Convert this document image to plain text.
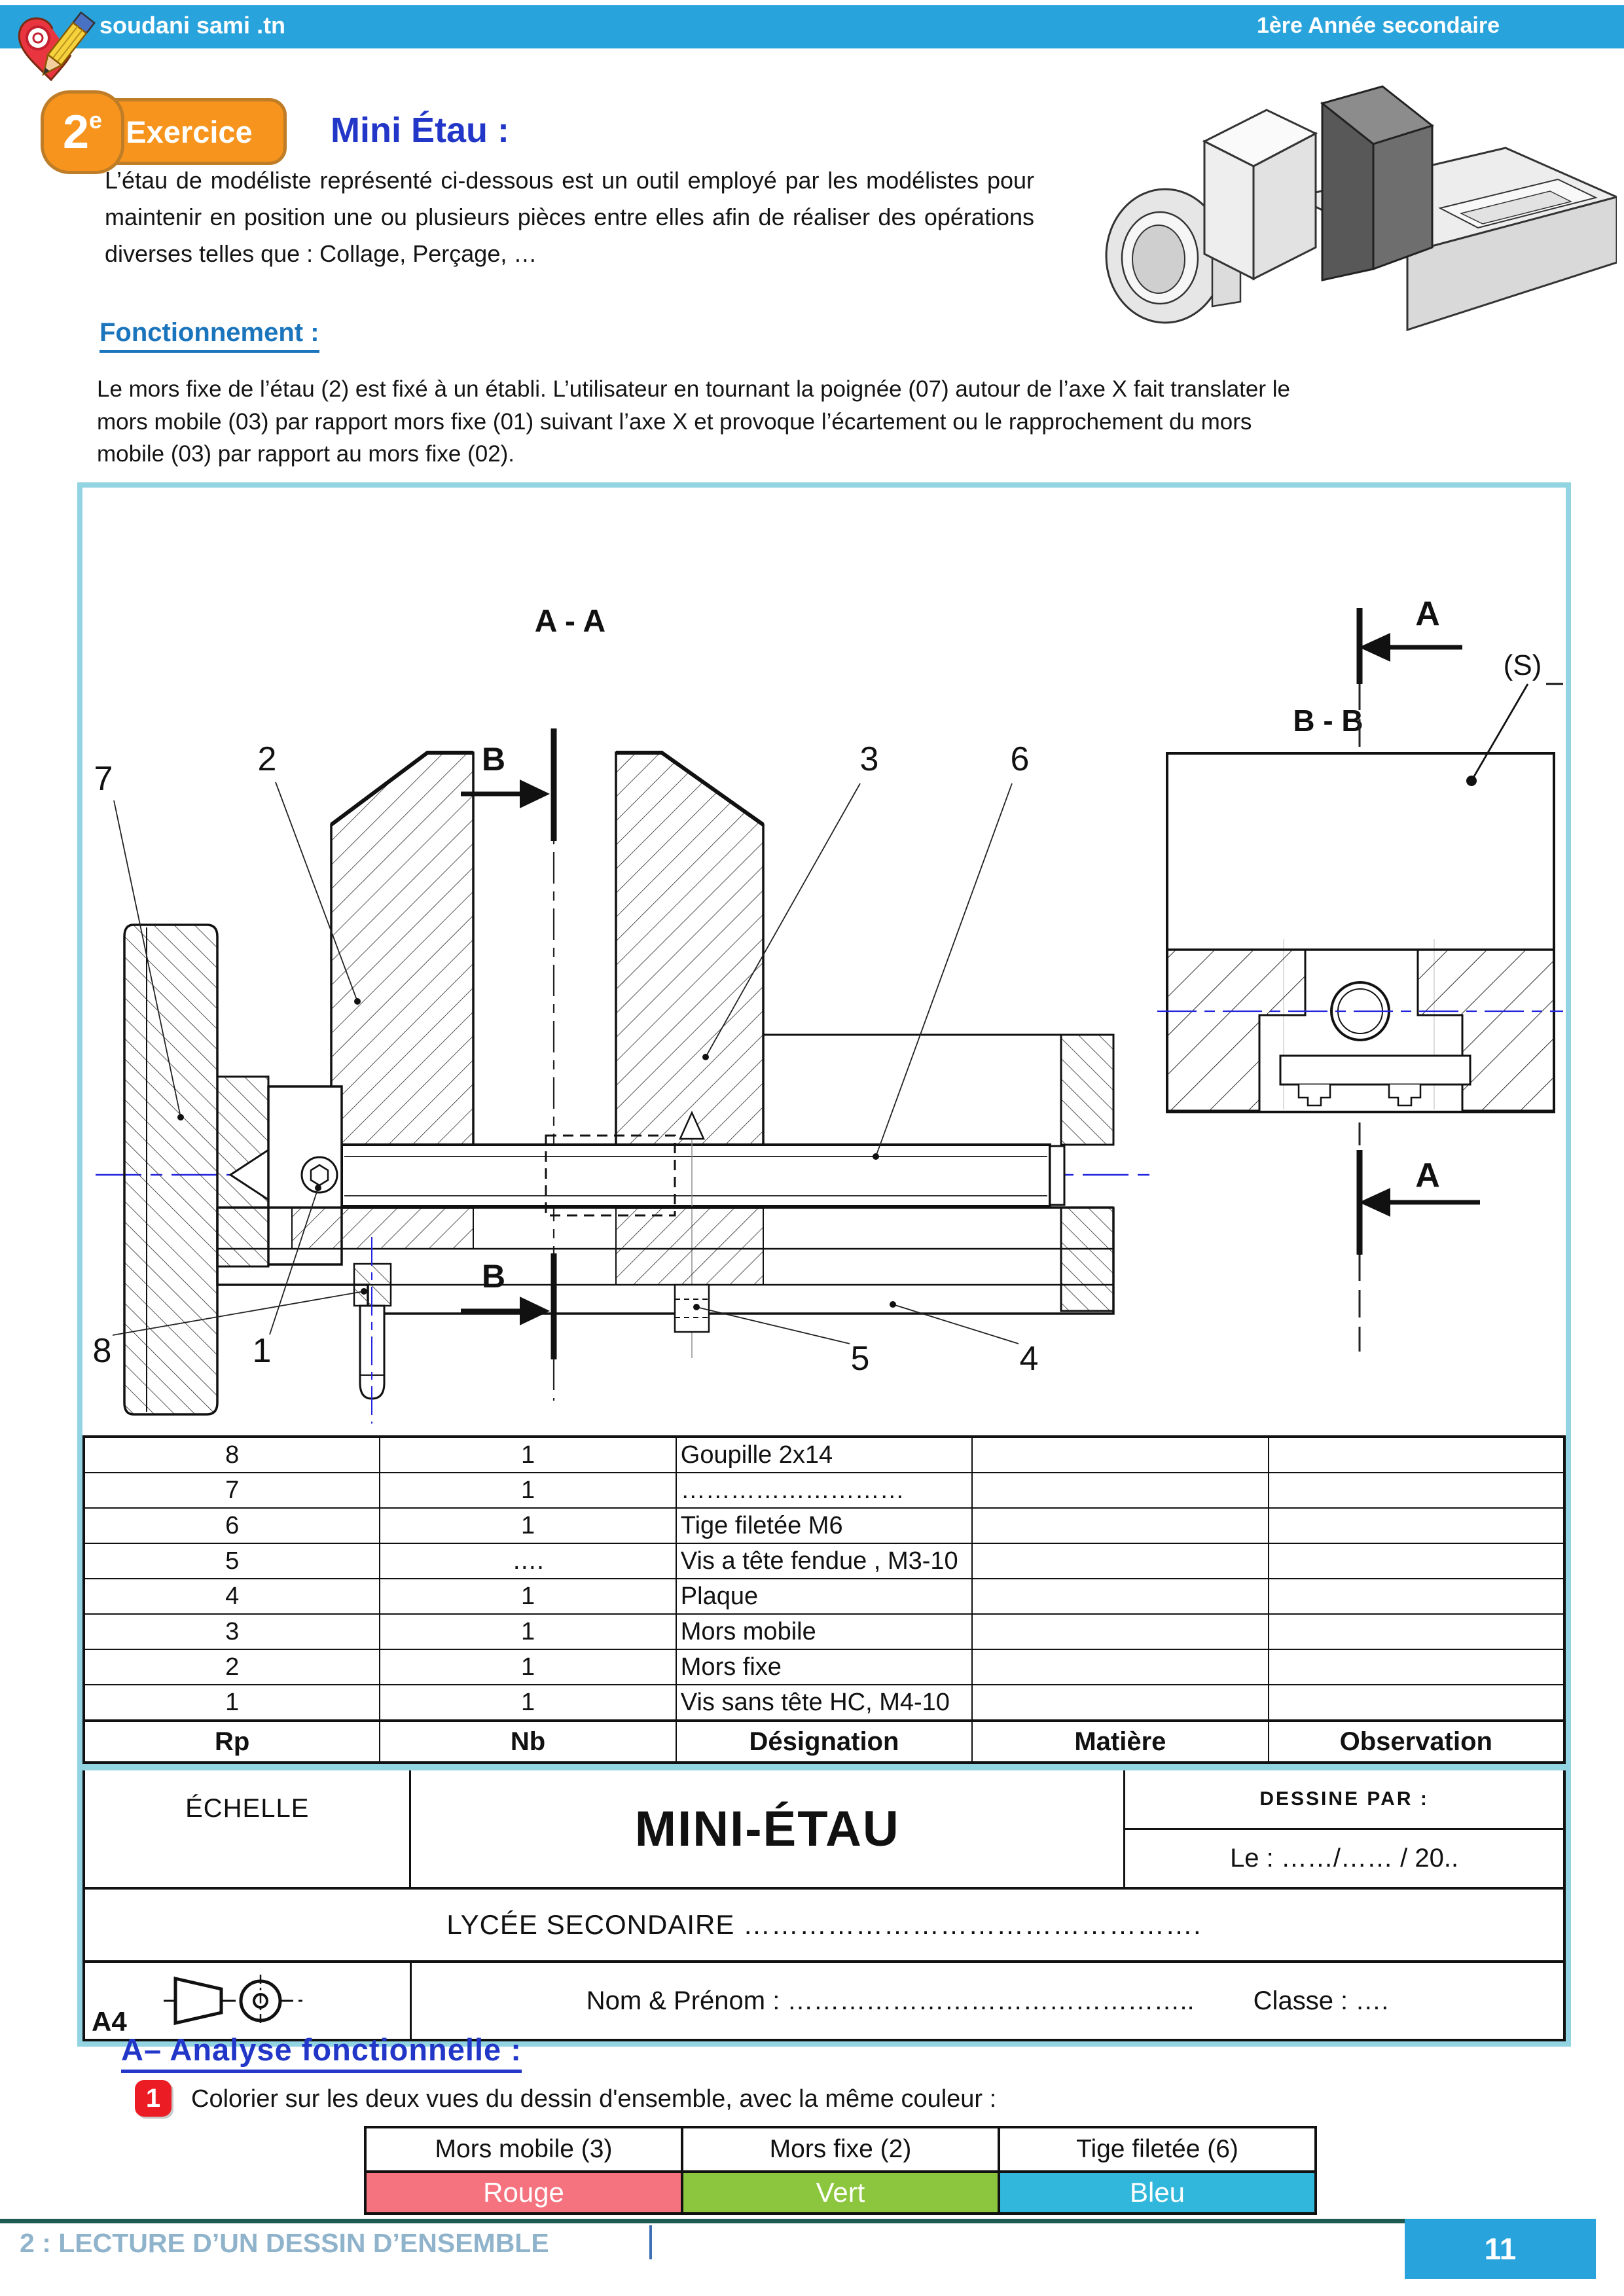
soudani sami .tn	1ère Année secondaire
Exercice
2e	Mini Étau :
L’étau de modéliste représenté ci-dessous est un outil employé par les modélistes pour maintenir en position une ou plusieurs pièces entre elles afin de réaliser des opérations diverses telles que : Collage, Perçage, …
Fonctionnement :
Le mors fixe de l’étau (2) est fixé à un établi. L’utilisateur en tournant la poignée (07) autour de l’axe X fait translater le mors mobile (03) par rapport mors fixe (01) suivant l’axe X et provoque l’écartement ou le rapprochement du mors mobile (03) par rapport au mors fixe (02).
A - A
B
B
B - B
A
(S)
A
7
2	3	6
8	1	5	4
8	1	Goupille 2x14		
7	1	………………………		
6	1	Tige filetée M6		
5	….	Vis a tête fendue , M3-10		
4	1	Plaque		
3	1	Mors mobile		
2	1	Mors fixe		
1	1	Vis sans tête HC, M4-10		
Rp	Nb	Désignation	Matière	Observation
ÉCHELLE	MINI-ÉTAU
DESSINE PAR :
Le : ……/…… / 20..
LYCÉE SECONDAIRE ………………………………………….
A4
Nom & Prénom : ……………………………………….. Classe : ….
A– Analyse fonctionnelle :
1 Colorier sur les deux vues du dessin d'ensemble, avec la même couleur :
Mors mobile (3)	Mors fixe (2)	Tige filetée (6)
Rouge	Vert	Bleu
2 : LECTURE D’UN DESSIN D’ENSEMBLE	11
